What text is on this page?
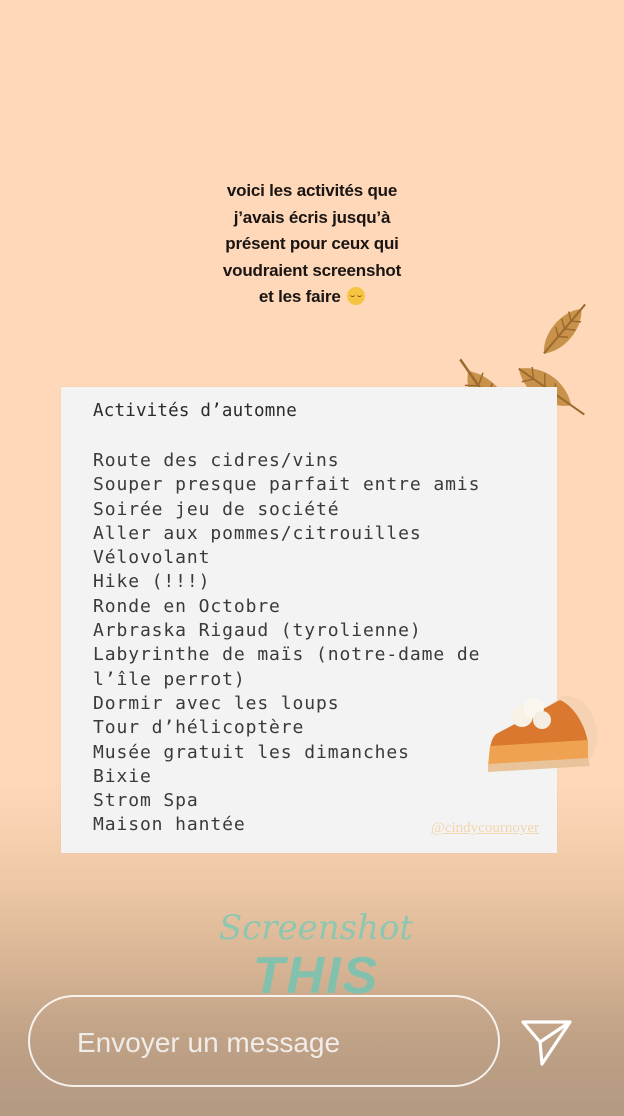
voici les activités que
j’avais écris jusqu’à
présent pour ceux qui
voudraient screenshot
et les faire
Activités d’automne
Route des cidres/vins
Souper presque parfait entre amis
Soirée jeu de société
Aller aux pommes/citrouilles
Vélovolant
Hike (!!!)
Ronde en Octobre
Arbraska Rigaud (tyrolienne)
Labyrinthe de maïs (notre-dame de
l’île perrot)
Dormir avec les loups
Tour d’hélicoptère
Musée gratuit les dimanches
Bixie
Strom Spa
Maison hantée	@cindycournoyer
Screenshot
THIS
Envoyer un message
